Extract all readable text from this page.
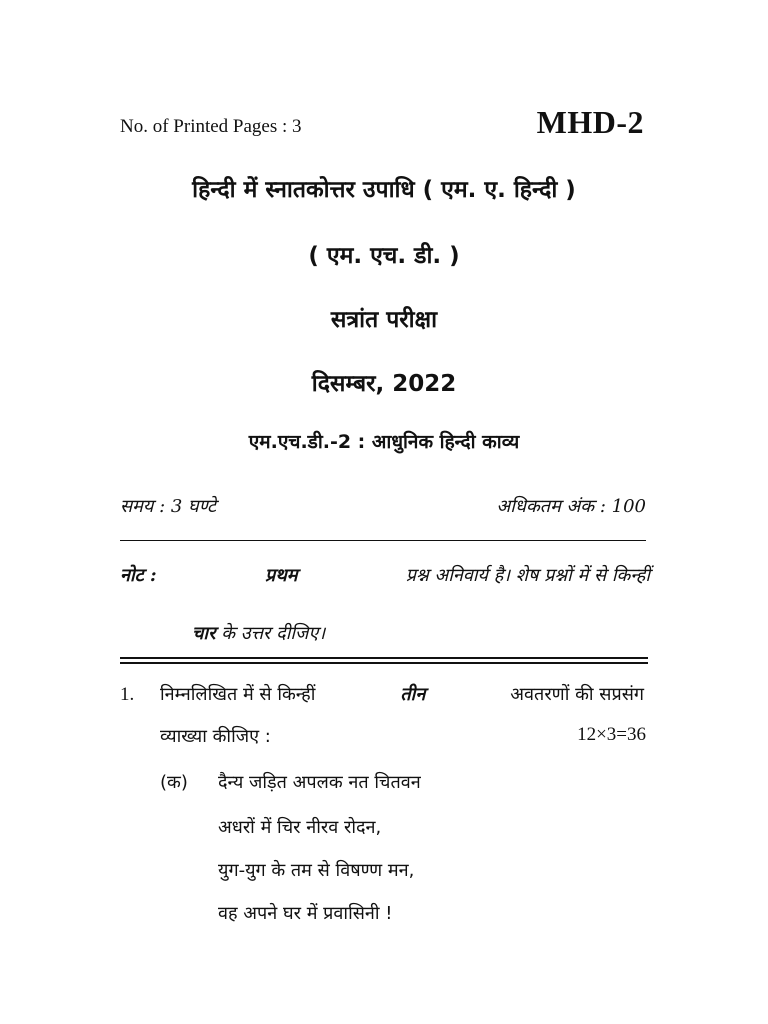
No. of Printed Pages : 3	MHD-2
हिन्दी में स्नातकोत्तर उपाधि ( एम. ए. हिन्दी )
( एम. एच. डी. )
सत्रांत परीक्षा
दिसम्बर, 2022
एम.एच.डी.-2 : आधुनिक हिन्दी काव्य
समय : 3 घण्टे	अधिकतम अंक : 100
नोट :	प्रथम	प्रश्न अनिवार्य है। शेष प्रश्नों में से किन्हीं
चार के उत्तर दीजिए।
1. निम्नलिखित में से किन्हीं	तीन	अवतरणों की सप्रसंग
व्याख्या कीजिए :	12×3=36
(क) दैन्य जड़ित अपलक नत चितवन
अधरों में चिर नीरव रोदन,
युग-युग के तम से विषण्ण मन,
वह अपने घर में प्रवासिनी !
